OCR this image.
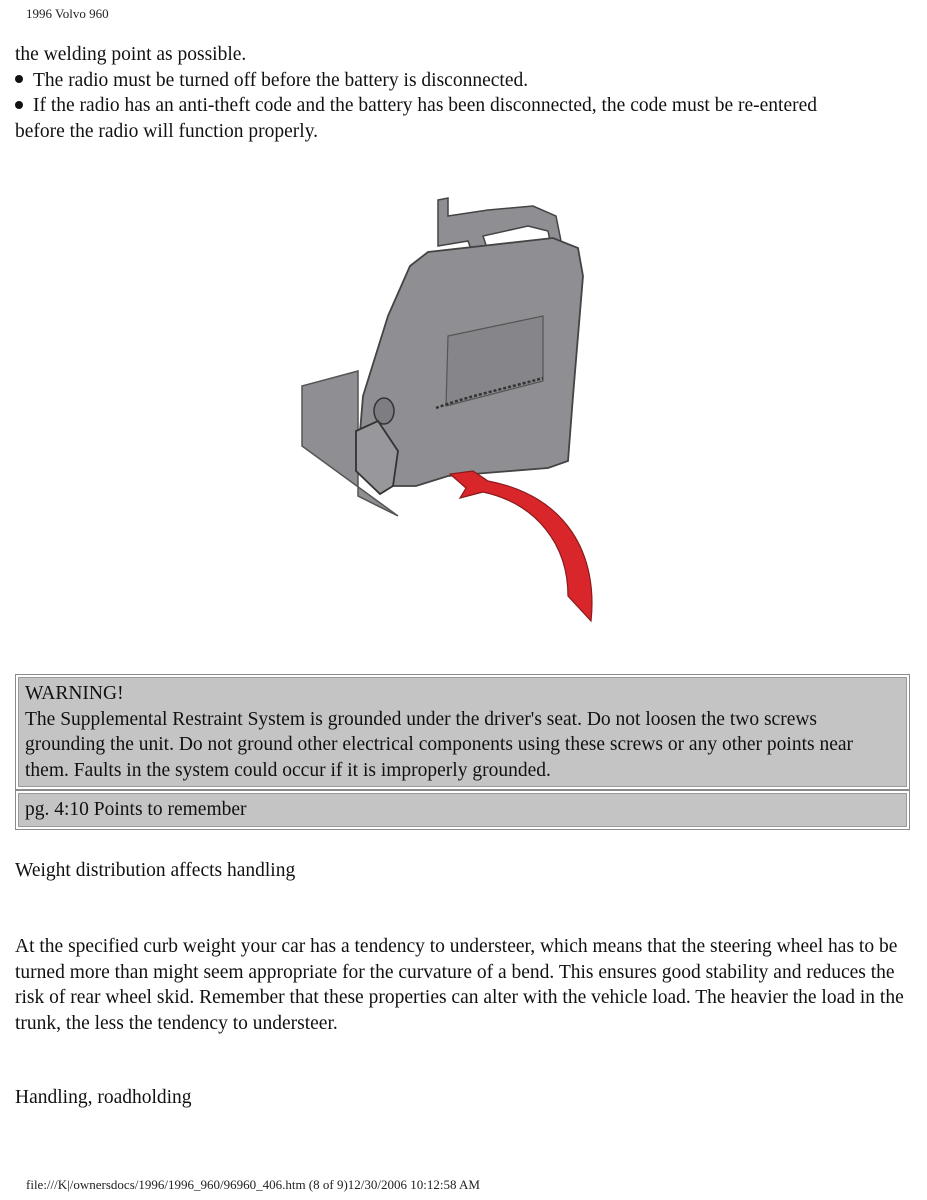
1996 Volvo 960
the welding point as possible.
The radio must be turned off before the battery is disconnected.
If the radio has an anti-theft code and the battery has been disconnected, the code must be re-entered
before the radio will function properly.
WARNING!
The Supplemental Restraint System is grounded under the driver's seat. Do not loosen the two screws grounding the unit. Do not ground other electrical components using these screws or any other points near them. Faults in the system could occur if it is improperly grounded.
pg. 4:10 Points to remember
Weight distribution affects handling
At the specified curb weight your car has a tendency to understeer, which means that the steering wheel has to be turned more than might seem appropriate for the curvature of a bend. This ensures good stability and reduces the risk of rear wheel skid. Remember that these properties can alter with the vehicle load. The heavier the load in the trunk, the less the tendency to understeer.
Handling, roadholding
file:///K|/ownersdocs/1996/1996_960/96960_406.htm (8 of 9)12/30/2006 10:12:58 AM
